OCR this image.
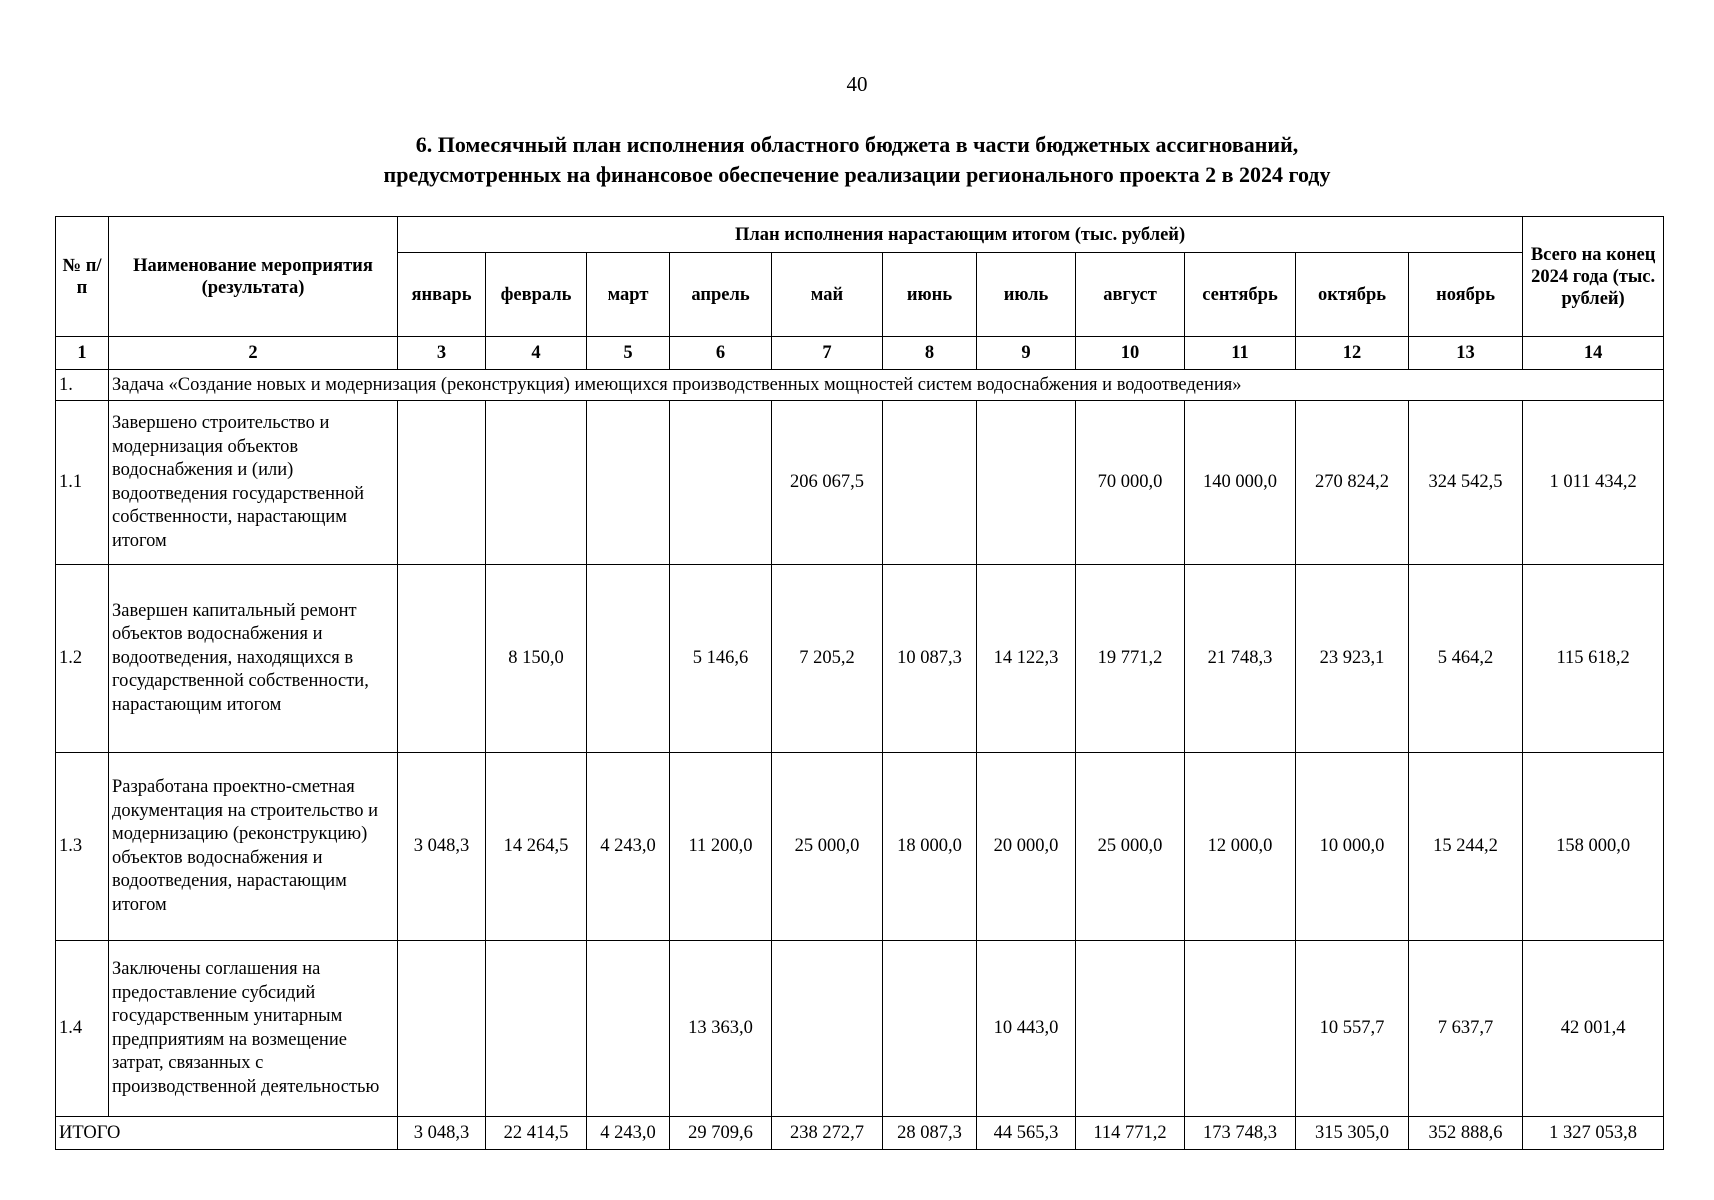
40
6. Помесячный план исполнения областного бюджета в части бюджетных ассигнований,
предусмотренных на финансовое обеспечение реализации регионального проекта 2 в 2024 году
№ п/п	Наименование мероприятия (результата)	План исполнения нарастающим итогом (тыс. рублей)											Всего на конец 2024 года (тыс. рублей)
		январь	февраль	март	апрель	май	июнь	июль	август	сентябрь	октябрь	ноябрь	
1	2	3	4	5	6	7	8	9	10	11	12	13	14
1.	Задача «Создание новых и модернизация (реконструкция) имеющихся производственных мощностей систем водоснабжения и водоотведения»												
1.1	Завершено строительство и модернизация объектов водоснабжения и (или) водоотведения государственной собственности, нарастающим итогом					206 067,5			70 000,0	140 000,0	270 824,2	324 542,5	1 011 434,2
1.2	Завершен капитальный ремонт объектов водоснабжения и водоотведения, находящихся в государственной собственности, нарастающим итогом		8 150,0		5 146,6	7 205,2	10 087,3	14 122,3	19 771,2	21 748,3	23 923,1	5 464,2	115 618,2
1.3	Разработана проектно-сметная документация на строительство и модернизацию (реконструкцию) объектов водоснабжения и водоотведения, нарастающим итогом	3 048,3	14 264,5	4 243,0	11 200,0	25 000,0	18 000,0	20 000,0	25 000,0	12 000,0	10 000,0	15 244,2	158 000,0
1.4	Заключены соглашения на предоставление субсидий государственным унитарным предприятиям на возмещение затрат, связанных с производственной деятельностью				13 363,0			10 443,0			10 557,7	7 637,7	42 001,4
ИТОГО		3 048,3	22 414,5	4 243,0	29 709,6	238 272,7	28 087,3	44 565,3	114 771,2	173 748,3	315 305,0	352 888,6	1 327 053,8
